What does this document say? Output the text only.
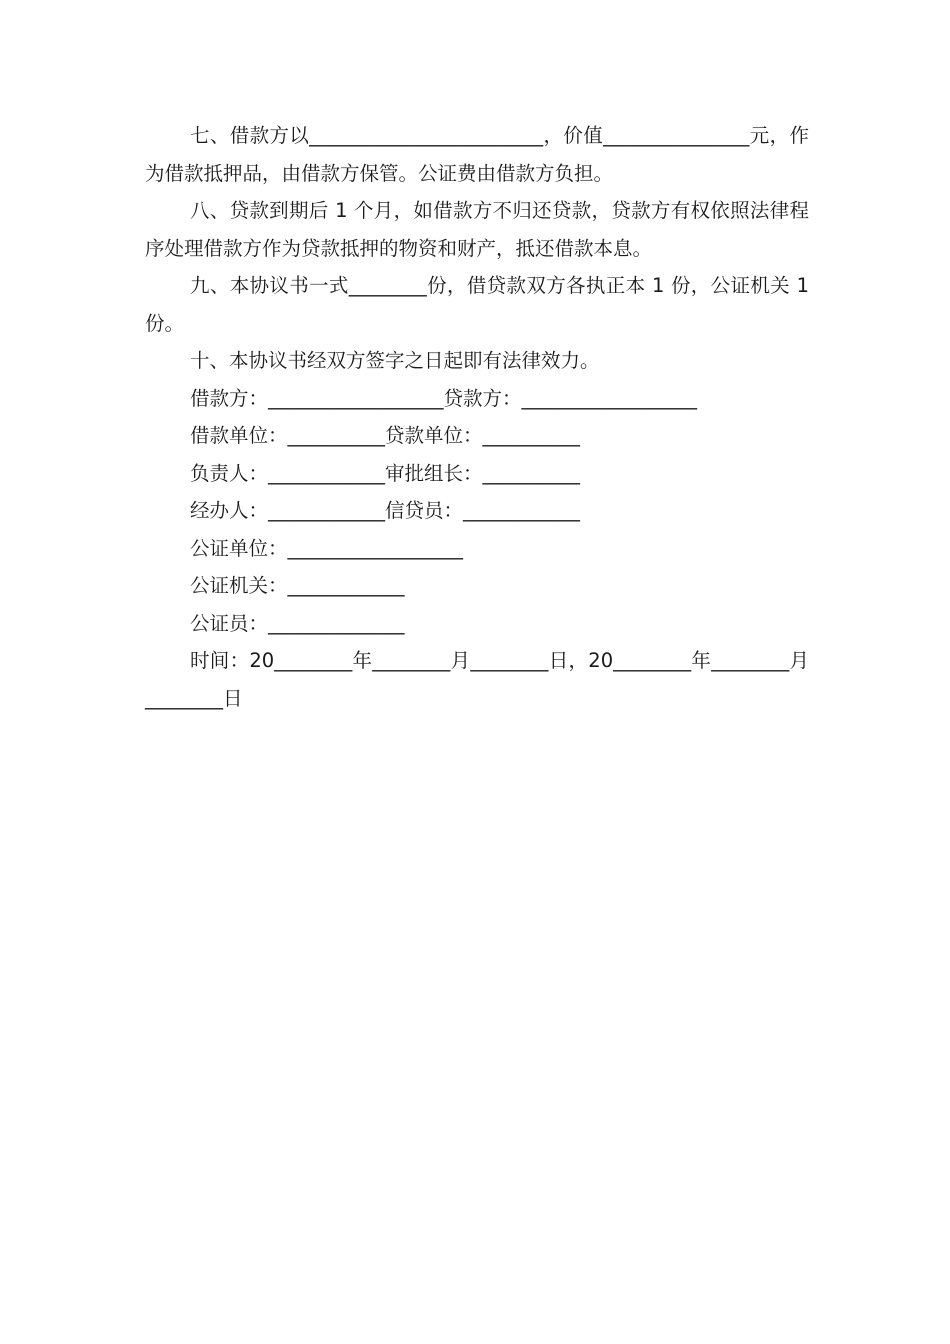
七、借款方以________________________，价值_______________元，作为借款抵押品，由借款方保管。公证费由借款方负担。

八、贷款到期后 1 个月，如借款方不归还贷款，贷款方有权依照法律程序处理借款方作为贷款抵押的物资和财产，抵还借款本息。

九、本协议书一式________份，借贷款双方各执正本 1 份，公证机关 1 份。

十、本协议书经双方签字之日起即有法律效力。

借款方：__________________贷款方：__________________

借款单位：__________贷款单位：__________

负责人：____________审批组长：__________

经办人：____________信贷员：____________

公证单位：__________________

公证机关：____________

公证员：______________

时间：20________年________月________日，20________年________月________日
